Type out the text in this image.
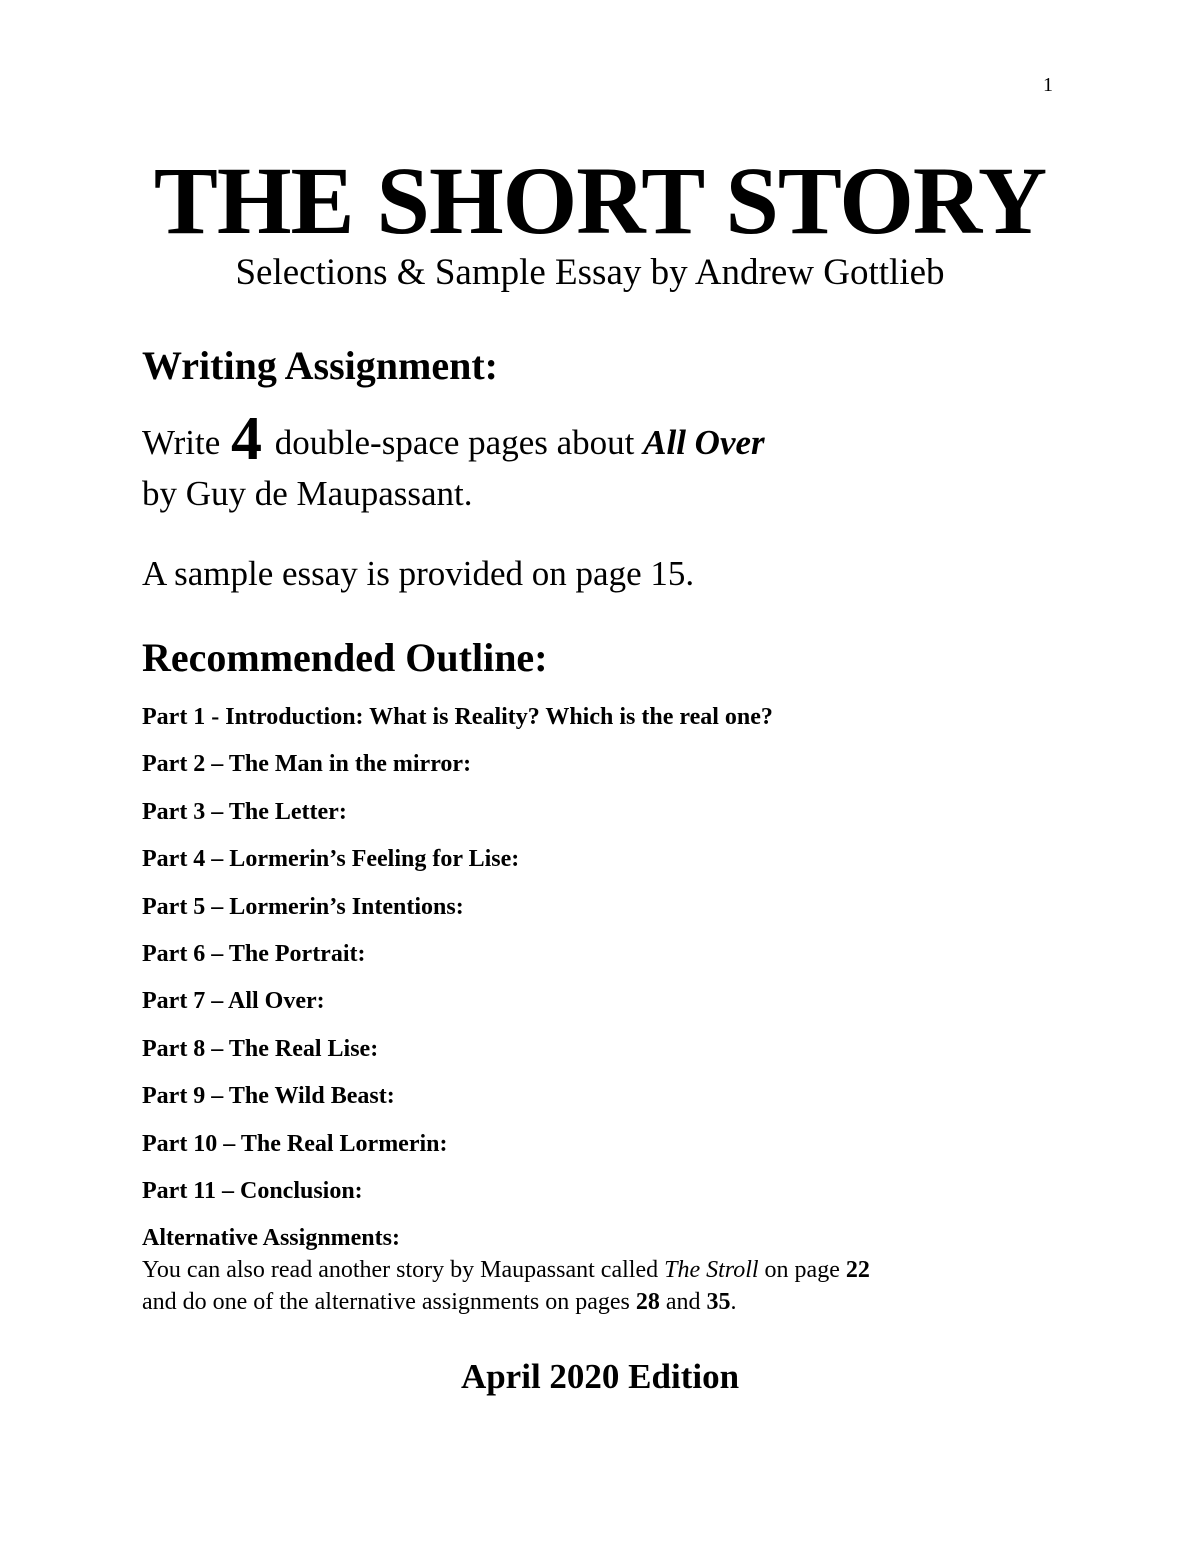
1
THE SHORT STORY
Selections & Sample Essay by Andrew Gottlieb
Writing Assignment:
Write 4 double-space pages about All Over
by Guy de Maupassant.
A sample essay is provided on page 15.
Recommended Outline:
Part 1 - Introduction: What is Reality? Which is the real one?
Part 2 – The Man in the mirror:
Part 3 – The Letter:
Part 4 – Lormerin’s Feeling for Lise:
Part 5 – Lormerin’s Intentions:
Part 6 – The Portrait:
Part 7 – All Over:
Part 8 – The Real Lise:
Part 9 – The Wild Beast:
Part 10 – The Real Lormerin:
Part 11 – Conclusion:
Alternative Assignments:
You can also read another story by Maupassant called The Stroll on page 22
and do one of the alternative assignments on pages 28 and 35.
April 2020 Edition
